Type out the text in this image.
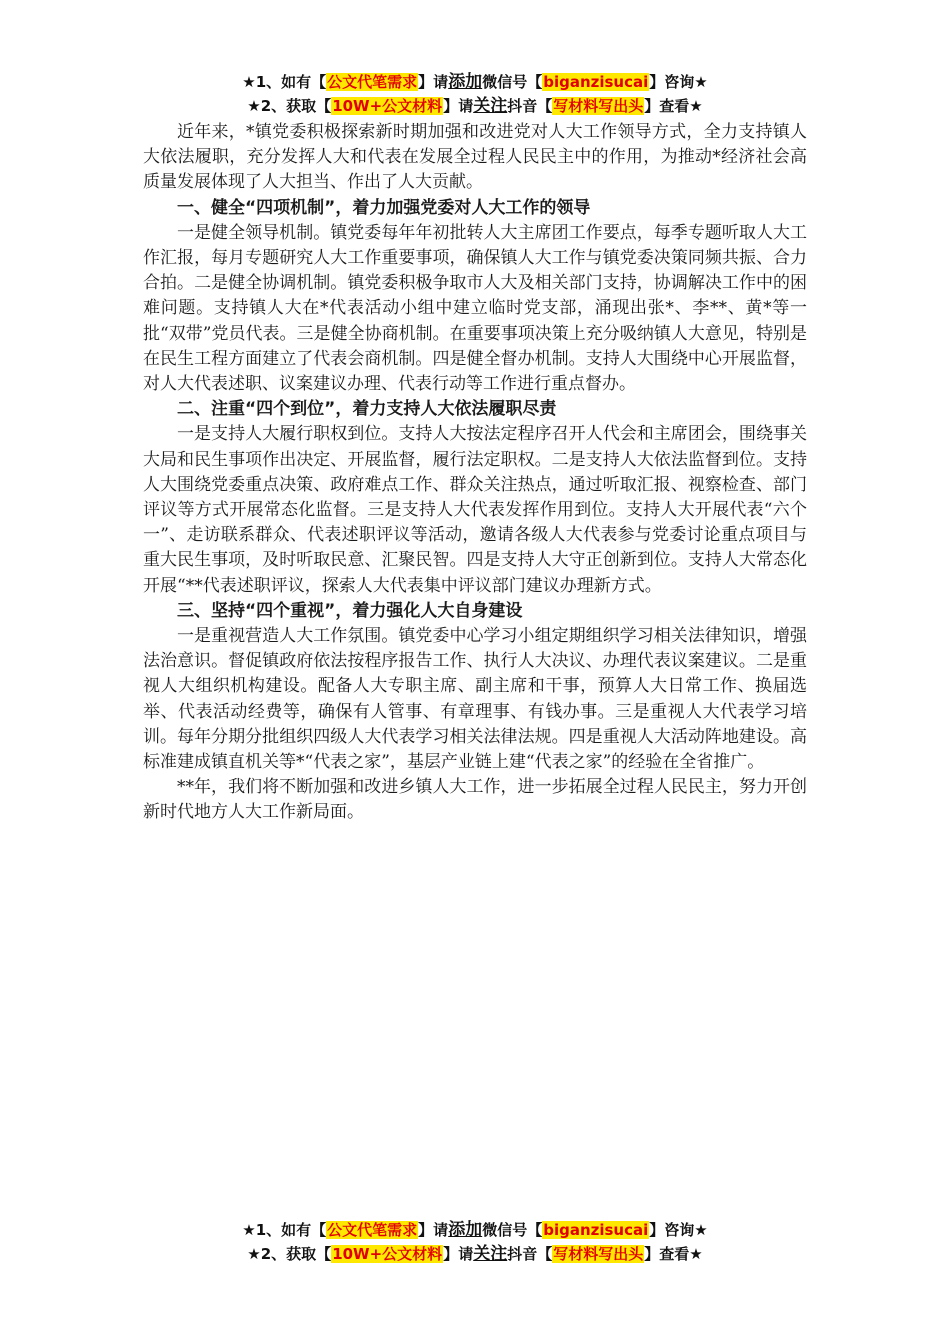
★1、如有【公文代笔需求】请添加微信号【biganzisucai】咨询★
★2、获取【10W+公文材料】请关注抖音【写材料写出头】查看★

近年来，*镇党委积极探索新时期加强和改进党对人大工作领导方式，全力支持镇人大依法履职，充分发挥人大和代表在发展全过程人民民主中的作用，为推动*经济社会高质量发展体现了人大担当、作出了人大贡献。

一、健全“四项机制”，着力加强党委对人大工作的领导

一是健全领导机制。镇党委每年年初批转人大主席团工作要点，每季专题听取人大工作汇报，每月专题研究人大工作重要事项，确保镇人大工作与镇党委决策同频共振、合力合拍。二是健全协调机制。镇党委积极争取市人大及相关部门支持，协调解决工作中的困难问题。支持镇人大在*代表活动小组中建立临时党支部，涌现出张*、李**、黄*等一批“双带”党员代表。三是健全协商机制。在重要事项决策上充分吸纳镇人大意见，特别是在民生工程方面建立了代表会商机制。四是健全督办机制。支持人大围绕中心开展监督，对人大代表述职、议案建议办理、代表行动等工作进行重点督办。

二、注重“四个到位”，着力支持人大依法履职尽责

一是支持人大履行职权到位。支持人大按法定程序召开人代会和主席团会，围绕事关大局和民生事项作出决定、开展监督，履行法定职权。二是支持人大依法监督到位。支持人大围绕党委重点决策、政府难点工作、群众关注热点，通过听取汇报、视察检查、部门评议等方式开展常态化监督。三是支持人大代表发挥作用到位。支持人大开展代表“六个一”、走访联系群众、代表述职评议等活动，邀请各级人大代表参与党委讨论重点项目与重大民生事项，及时听取民意、汇聚民智。四是支持人大守正创新到位。支持人大常态化开展“**代表述职评议，探索人大代表集中评议部门建议办理新方式。

三、坚持“四个重视”，着力强化人大自身建设

一是重视营造人大工作氛围。镇党委中心学习小组定期组织学习相关法律知识，增强法治意识。督促镇政府依法按程序报告工作、执行人大决议、办理代表议案建议。二是重视人大组织机构建设。配备人大专职主席、副主席和干事，预算人大日常工作、换届选举、代表活动经费等，确保有人管事、有章理事、有钱办事。三是重视人大代表学习培训。每年分期分批组织四级人大代表学习相关法律法规。四是重视人大活动阵地建设。高标准建成镇直机关等*“代表之家”，基层产业链上建“代表之家”的经验在全省推广。

**年，我们将不断加强和改进乡镇人大工作，进一步拓展全过程人民民主，努力开创新时代地方人大工作新局面。

★1、如有【公文代笔需求】请添加微信号【biganzisucai】咨询★
★2、获取【10W+公文材料】请关注抖音【写材料写出头】查看★
